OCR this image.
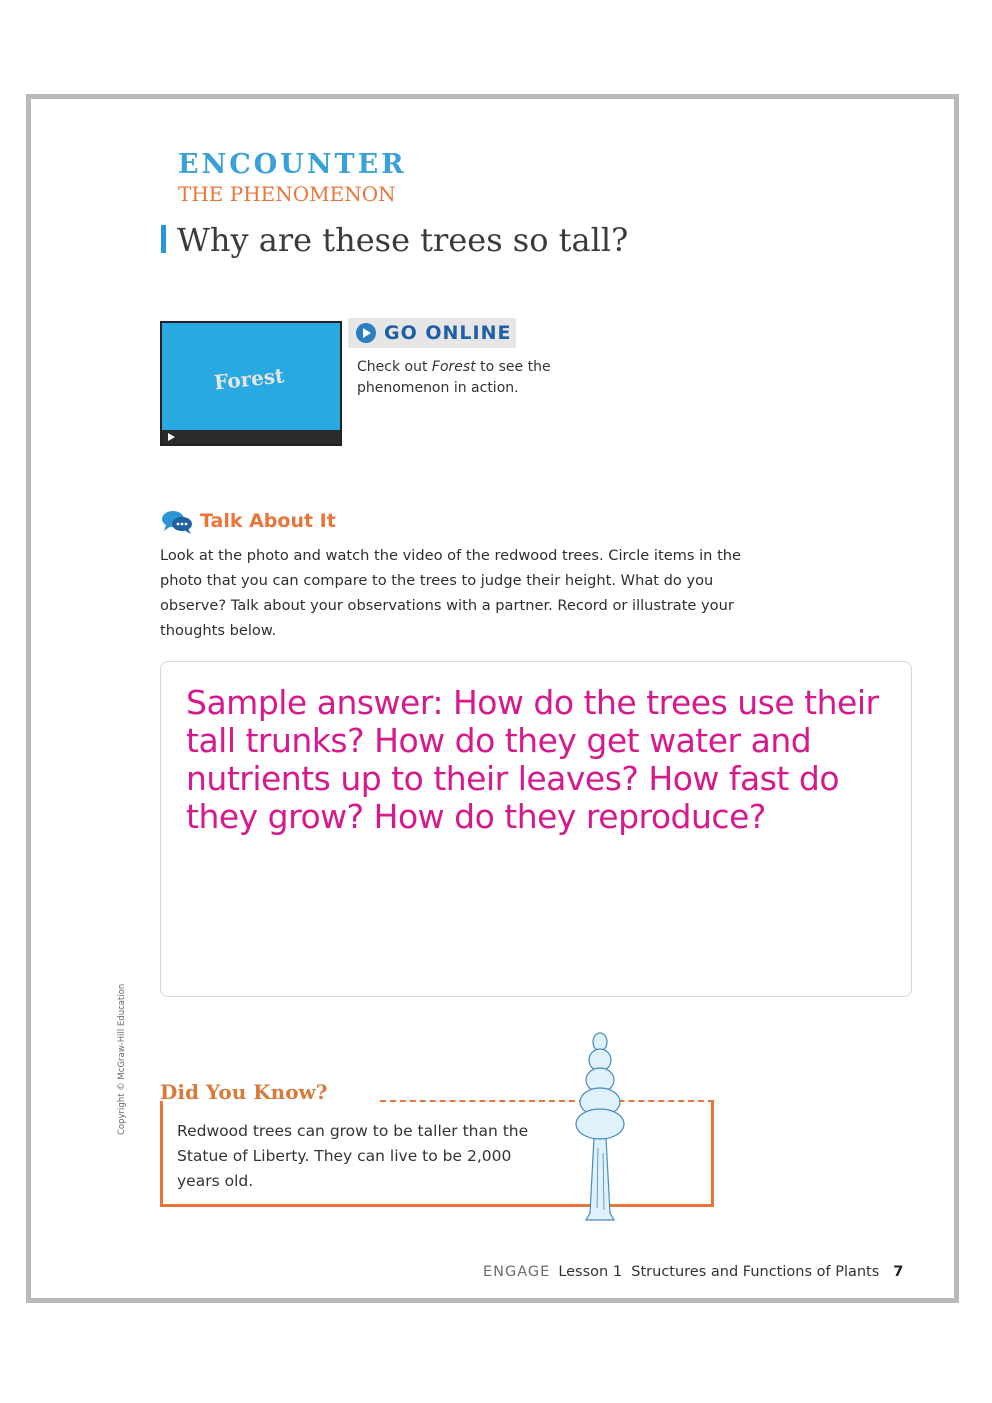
ENCOUNTER
THE PHENOMENON
Why are these trees so tall?
Forest
GO ONLINE
Check out Forest to see the phenomenon in action.
Talk About It
Look at the photo and watch the video of the redwood trees. Circle items in the photo that you can compare to the trees to judge their height. What do you observe? Talk about your observations with a partner. Record or illustrate your thoughts below.
Sample answer: How do the trees use their tall trunks? How do they get water and nutrients up to their leaves? How fast do they grow? How do they reproduce?
Copyright © McGraw-Hill Education Did You Know?
Redwood trees can grow to be taller than the Statue of Liberty. They can live to be 2,000 years old.
ENGAGE Lesson 1 Structures and Functions of Plants 7
